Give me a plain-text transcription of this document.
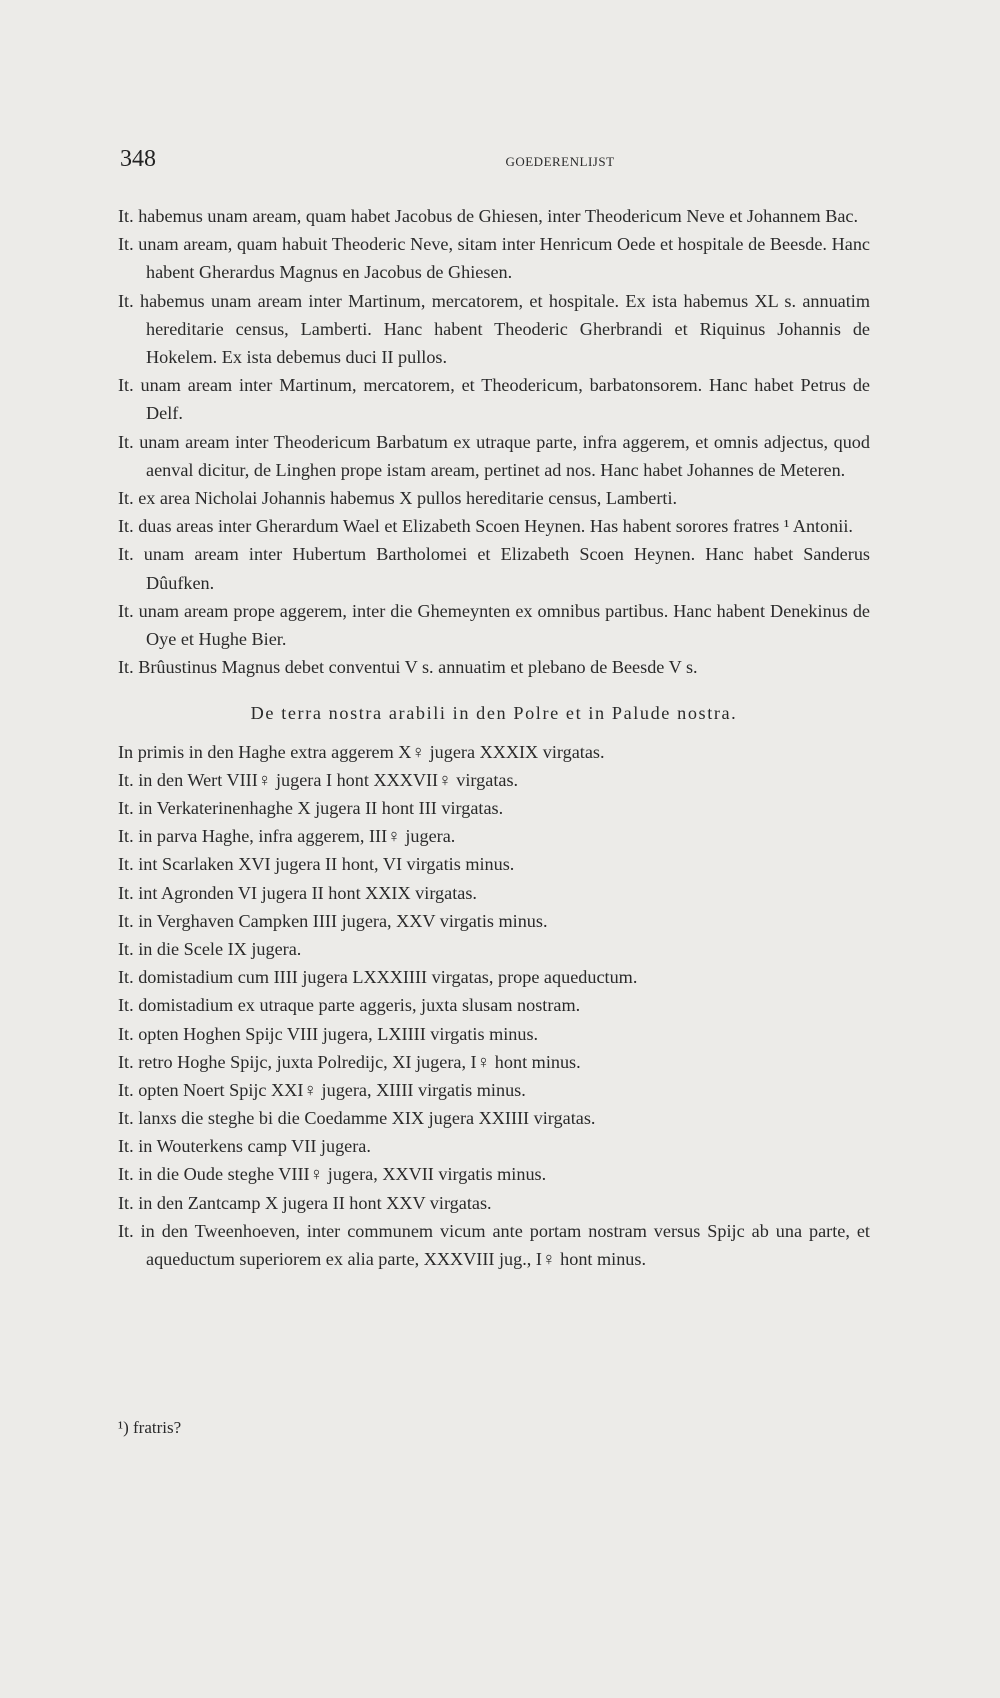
348	GOEDERENLIJST

It. habemus unam aream, quam habet Jacobus de Ghiesen, inter Theodericum Neve et Johannem Bac.

It. unam aream, quam habuit Theoderic Neve, sitam inter Henricum Oede et hospitale de Beesde. Hanc habent Gherardus Magnus en Jacobus de Ghiesen.

It. habemus unam aream inter Martinum, mercatorem, et hospitale. Ex ista habemus XL s. annuatim hereditarie census, Lamberti. Hanc habent Theoderic Gherbrandi et Riquinus Johannis de Hokelem. Ex ista debemus duci II pullos.

It. unam aream inter Martinum, mercatorem, et Theodericum, barbatonsorem. Hanc habet Petrus de Delf.

It. unam aream inter Theodericum Barbatum ex utraque parte, infra aggerem, et omnis adjectus, quod aenval dicitur, de Linghen prope istam aream, pertinet ad nos. Hanc habet Johannes de Meteren.

It. ex area Nicholai Johannis habemus X pullos hereditarie census, Lamberti.

It. duas areas inter Gherardum Wael et Elizabeth Scoen Heynen. Has habent sorores fratres ¹ Antonii.

It. unam aream inter Hubertum Bartholomei et Elizabeth Scoen Heynen. Hanc habet Sanderus Dûufken.

It. unam aream prope aggerem, inter die Ghemeynten ex omnibus partibus. Hanc habent Denekinus de Oye et Hughe Bier.

It. Brûustinus Magnus debet conventui V s. annuatim et plebano de Beesde V s.

De terra nostra arabili in den Polre et in Palude nostra.

In primis in den Haghe extra aggerem X♀ jugera XXXIX virgatas.

It. in den Wert VIII♀ jugera I hont XXXVII♀ virgatas.

It. in Verkaterinenhaghe X jugera II hont III virgatas.

It. in parva Haghe, infra aggerem, III♀ jugera.

It. int Scarlaken XVI jugera II hont, VI virgatis minus.

It. int Agronden VI jugera II hont XXIX virgatas.

It. in Verghaven Campken IIII jugera, XXV virgatis minus.

It. in die Scele IX jugera.

It. domistadium cum IIII jugera LXXXIIII virgatas, prope aqueductum.

It. domistadium ex utraque parte aggeris, juxta slusam nostram.

It. opten Hoghen Spijc VIII jugera, LXIIII virgatis minus.

It. retro Hoghe Spijc, juxta Polredijc, XI jugera, I♀ hont minus.

It. opten Noert Spijc XXI♀ jugera, XIIII virgatis minus.

It. lanxs die steghe bi die Coedamme XIX jugera XXIIII virgatas.

It. in Wouterkens camp VII jugera.

It. in die Oude steghe VIII♀ jugera, XXVII virgatis minus.

It. in den Zantcamp X jugera II hont XXV virgatas.

It. in den Tweenhoeven, inter communem vicum ante portam nostram versus Spijc ab una parte, et aqueductum superiorem ex alia parte, XXXVIII jug., I♀ hont minus.

¹) fratris?
